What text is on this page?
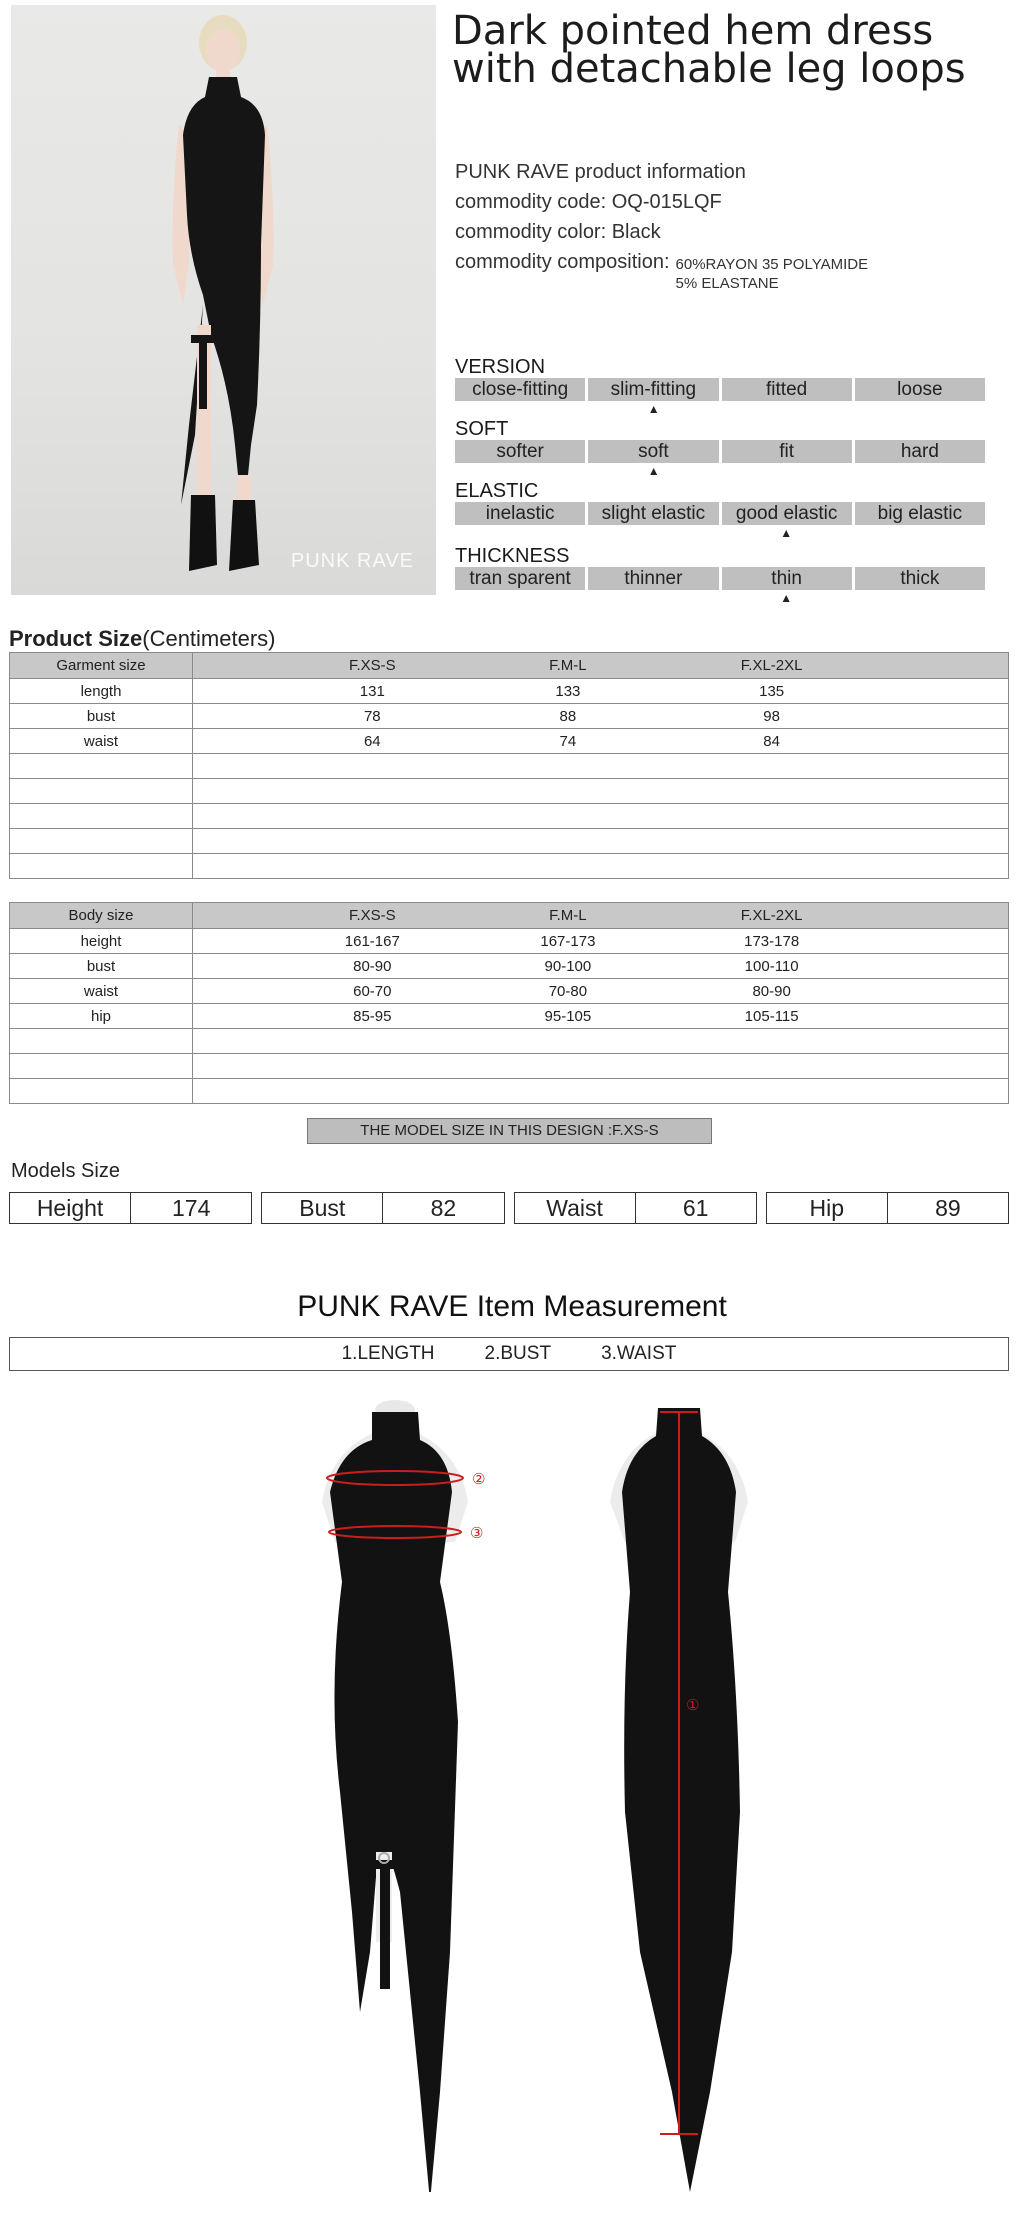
PUNK RAVE
Dark pointed hem dress with detachable leg loops
PUNK RAVE product information
commodity code:
OQ-015LQF
commodity color:
Black
commodity composition: 60%RAYON 35 POLYAMIDE
5% ELASTANE
VERSION
close-fitting	slim-fitting	fitted	loose
▲
SOFT
softer	soft	fit	hard
▲
ELASTIC
inelastic	slight elastic	good elastic	big elastic
▲
THICKNESS
tran sparent	thinner	thin	thick
▲
Product Size(Centimeters)
Garment size	F.XS-S F.M-L F.XL-2XL

length	131 133 135

bust	78 88 98

waist	64 74 84

Body size	F.XS-S F.M-L F.XL-2XL

height	161-167 167-173 173-178

bust	80-90 90-100 100-110

waist	60-70 70-80 80-90

hip	85-95 95-105 105-115

THE MODEL SIZE IN THIS DESIGN :F.XS-S
Models Size
Height	174	Bust	82	Waist	61	Hip	89
PUNK RAVE Item Measurement
1.LENGTH	2.BUST	3.WAIST
②
③
①
